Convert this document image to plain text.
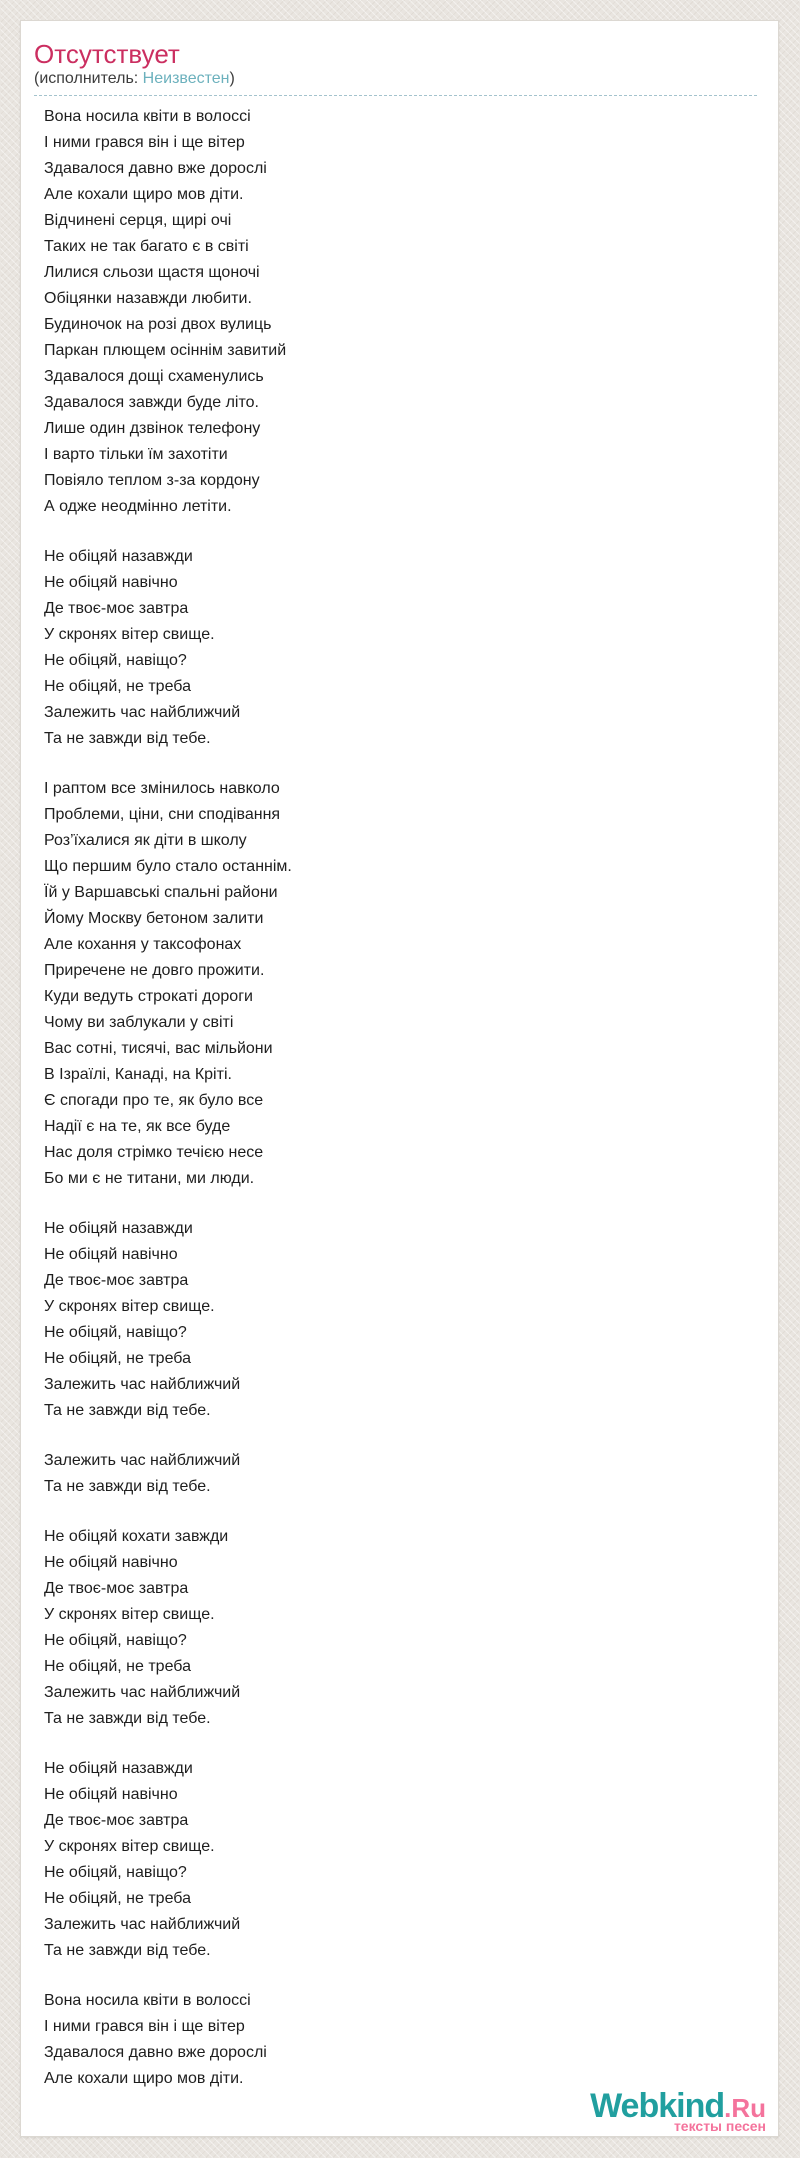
Отсутствует
(исполнитель: Неизвестен)

Вона носила квіти в волоссі
І ними грався він і ще вітер
Здавалося давно вже дорослі
Але кохали щиро мов діти.
Відчинені серця, щирі очі
Таких не так багато є в світі
Лилися сльози щастя щоночі
Обіцянки назавжди любити.
Будиночок на розі двох вулиць
Паркан плющем осіннім завитий
Здавалося дощі схаменулись
Здавалося завжди буде літо.
Лише один дзвінок телефону
І варто тільки їм захотіти
Повіяло теплом з-за кордону
А одже неодмінно летіти.

Не обіцяй назавжди
Не обіцяй навічно
Де твоє-моє завтра
У скронях вітер свище.
Не обіцяй, навіщо?
Не обіцяй, не треба
Залежить час найближчий
Та не завжди від тебе.

І раптом все змінилось навколо
Проблеми, ціни, сни сподівання
Роз’їхалися як діти в школу
Що першим було стало останнім.
Їй у Варшавські спальні райони
Йому Москву бетоном залити
Але кохання у таксофонах
Приречене не довго прожити.
Куди ведуть строкаті дороги
Чому ви заблукали у світі
Вас сотні, тисячі, вас мільйони
В Ізраїлі, Канаді, на Кріті.
Є спогади про те, як було все
Надії є на те, як все буде
Нас доля стрімко течією несе
Бо ми є не титани, ми люди.

Не обіцяй назавжди
Не обіцяй навічно
Де твоє-моє завтра
У скронях вітер свище.
Не обіцяй, навіщо?
Не обіцяй, не треба
Залежить час найближчий
Та не завжди від тебе.

Залежить час найближчий
Та не завжди від тебе.

Не обіцяй кохати завжди
Не обіцяй навічно
Де твоє-моє завтра
У скронях вітер свище.
Не обіцяй, навіщо?
Не обіцяй, не треба
Залежить час найближчий
Та не завжди від тебе.

Не обіцяй назавжди
Не обіцяй навічно
Де твоє-моє завтра
У скронях вітер свище.
Не обіцяй, навіщо?
Не обіцяй, не треба
Залежить час найближчий
Та не завжди від тебе.

Вона носила квіти в волоссі
І ними грався він і ще вітер
Здавалося давно вже дорослі
Але кохали щиро мов діти.

Webkind.Ru
тексты песен
